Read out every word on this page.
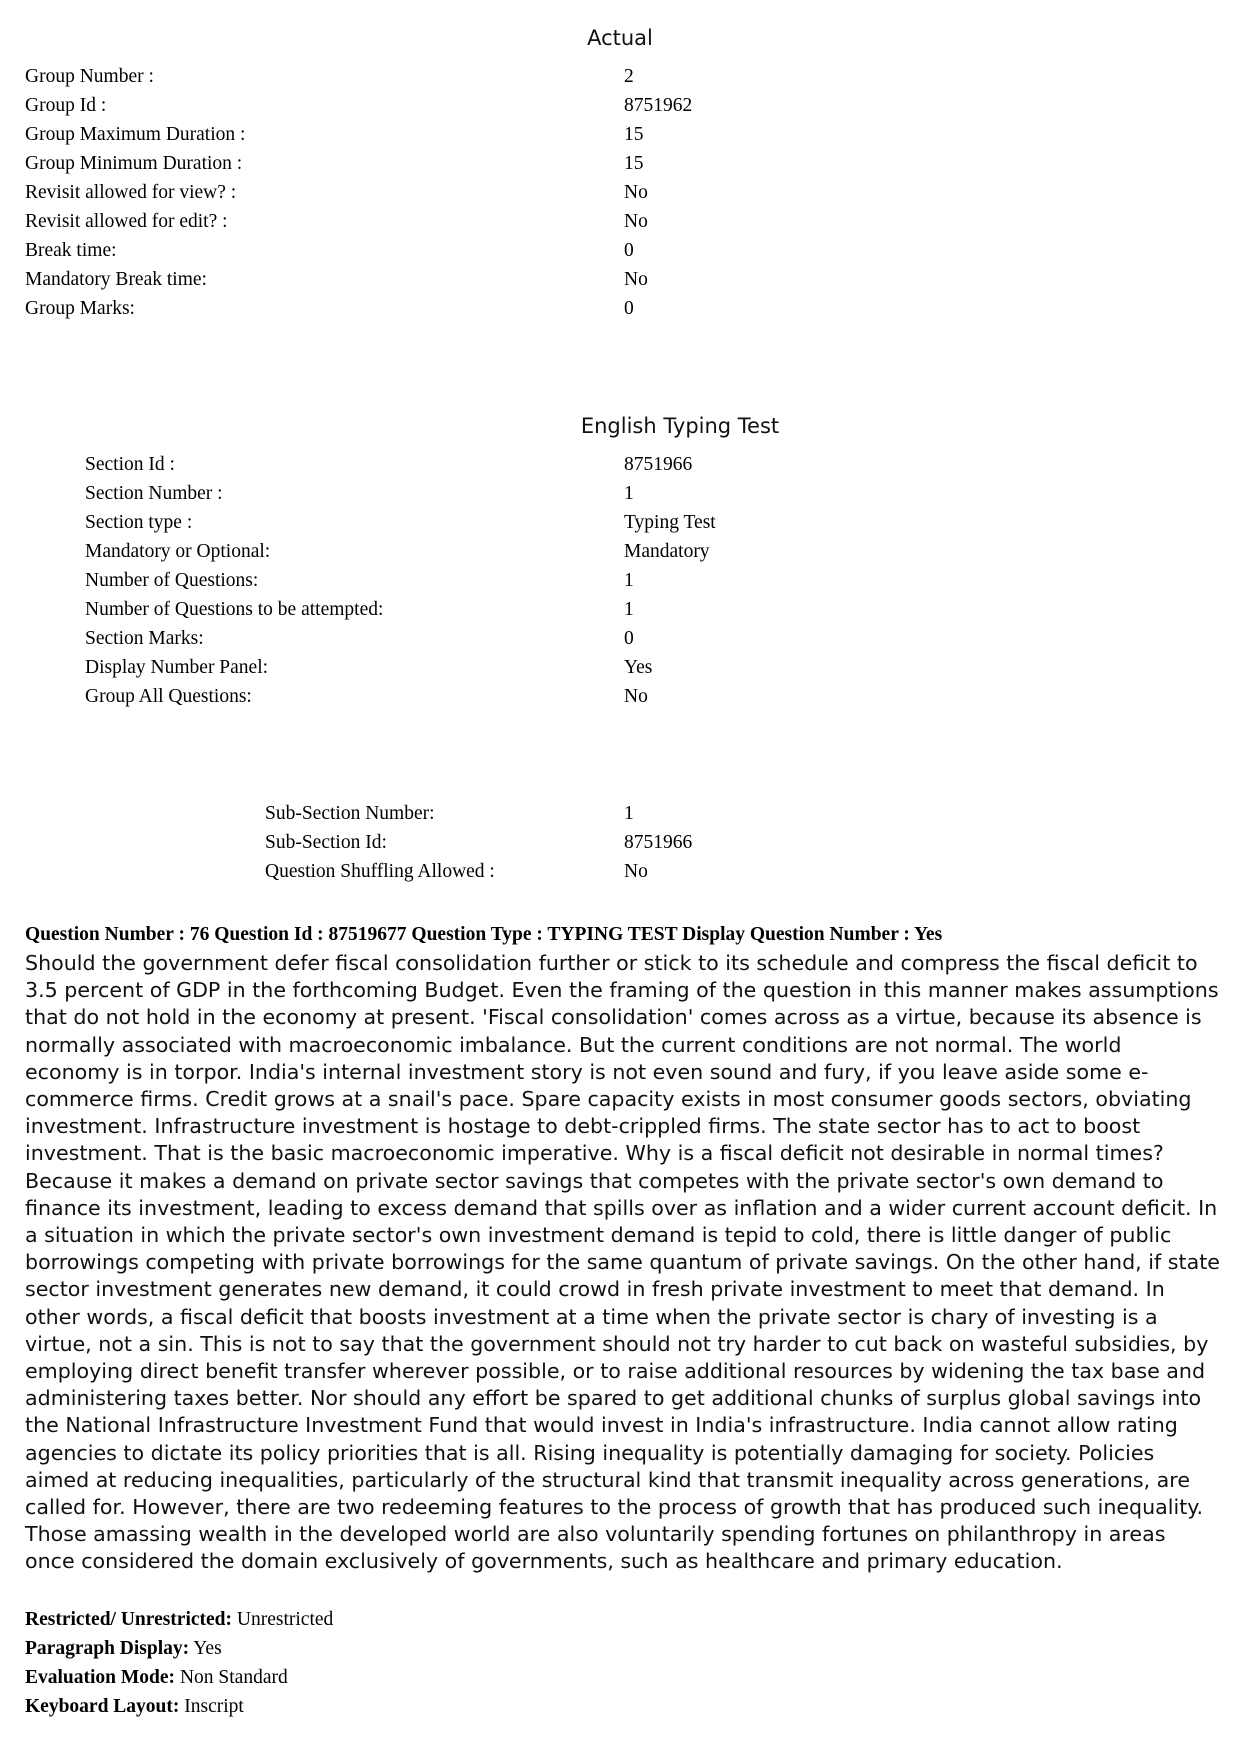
Actual
Group Number :	2
Group Id :	8751962
Group Maximum Duration :	15
Group Minimum Duration :	15
Revisit allowed for view? :	No
Revisit allowed for edit? :	No
Break time:	0
Mandatory Break time:	No
Group Marks:	0
English Typing Test
Section Id :	8751966
Section Number :	1
Section type :	Typing Test
Mandatory or Optional:	Mandatory
Number of Questions:	1
Number of Questions to be attempted:	1
Section Marks:	0
Display Number Panel:	Yes
Group All Questions:	No
Sub-Section Number:	1
Sub-Section Id:	8751966
Question Shuffling Allowed :	No
Question Number : 76 Question Id : 87519677 Question Type : TYPING TEST Display Question Number : Yes
Should the government defer fiscal consolidation further or stick to its schedule and compress the fiscal deficit to 3.5 percent of GDP in the forthcoming Budget. Even the framing of the question in this manner makes assumptions that do not hold in the economy at present. 'Fiscal consolidation' comes across as a virtue, because its absence is normally associated with macroeconomic imbalance. But the current conditions are not normal. The world economy is in torpor. India's internal investment story is not even sound and fury, if you leave aside some e-commerce firms. Credit grows at a snail's pace. Spare capacity exists in most consumer goods sectors, obviating investment. Infrastructure investment is hostage to debt-crippled firms. The state sector has to act to boost investment. That is the basic macroeconomic imperative. Why is a fiscal deficit not desirable in normal times? Because it makes a demand on private sector savings that competes with the private sector's own demand to finance its investment, leading to excess demand that spills over as inflation and a wider current account deficit. In a situation in which the private sector's own investment demand is tepid to cold, there is little danger of public borrowings competing with private borrowings for the same quantum of private savings. On the other hand, if state sector investment generates new demand, it could crowd in fresh private investment to meet that demand. In other words, a fiscal deficit that boosts investment at a time when the private sector is chary of investing is a virtue, not a sin. This is not to say that the government should not try harder to cut back on wasteful subsidies, by employing direct benefit transfer wherever possible, or to raise additional resources by widening the tax base and administering taxes better. Nor should any effort be spared to get additional chunks of surplus global savings into the National Infrastructure Investment Fund that would invest in India's infrastructure. India cannot allow rating agencies to dictate its policy priorities that is all. Rising inequality is potentially damaging for society. Policies aimed at reducing inequalities, particularly of the structural kind that transmit inequality across generations, are called for. However, there are two redeeming features to the process of growth that has produced such inequality. Those amassing wealth in the developed world are also voluntarily spending fortunes on philanthropy in areas once considered the domain exclusively of governments, such as healthcare and primary education.
Restricted/ Unrestricted: Unrestricted
Paragraph Display: Yes
Evaluation Mode: Non Standard
Keyboard Layout: Inscript
